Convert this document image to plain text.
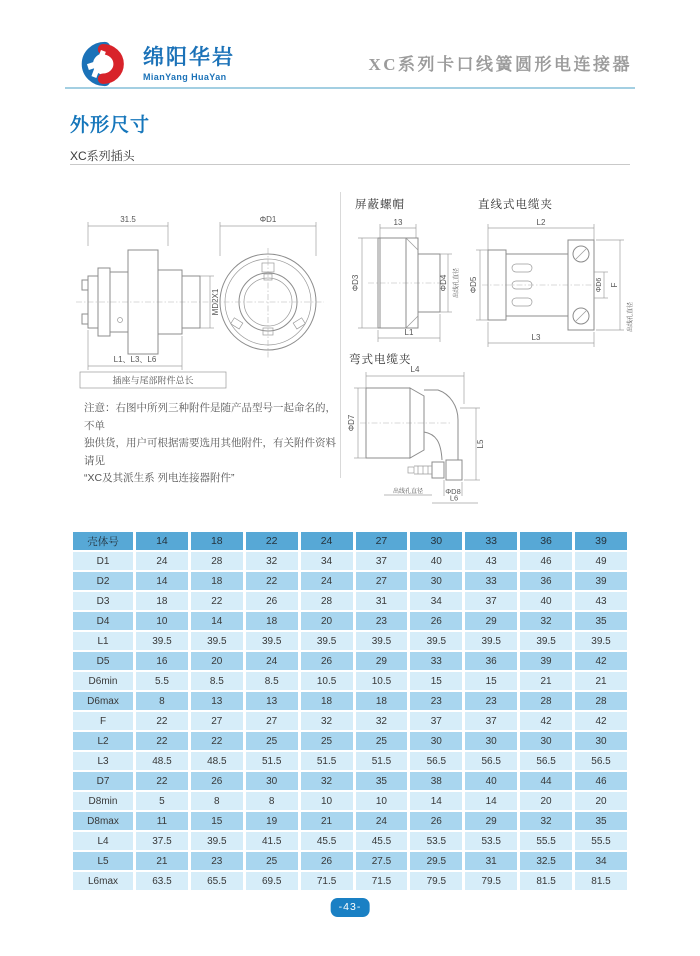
绵阳华岩
MianYang HuaYan
XC系列卡口线簧圆形电连接器
外形尺寸
XC系列插头
31.5
MD2X1
L1、L3、L6
插座与尾部附件总长
ΦD1
注意：右图中所列三种附件是随产品型号一起命名的，不单
独供货，用户可根据需要选用其他附件，有关附件资料请见
“XC及其派生系 列电连接器附件”
屏蔽螺帽
13
ΦD3	ΦD4	出线孔直径
L1
直线式电缆夹
L2
ΦD5	ΦD6 F
出线孔直径
L3
弯式电缆夹
L4
ΦD7
L5
ΦD8
出线孔直径
L6
壳体号	14	18	22	24	27	30	33	36	39
D1	24	28	32	34	37	40	43	46	49
D2	14	18	22	24	27	30	33	36	39
D3	18	22	26	28	31	34	37	40	43
D4	10	14	18	20	23	26	29	32	35
L1	39.5	39.5	39.5	39.5	39.5	39.5	39.5	39.5	39.5
D5	16	20	24	26	29	33	36	39	42
D6min	5.5	8.5	8.5	10.5	10.5	15	15	21	21
D6max	8	13	13	18	18	23	23	28	28
F	22	27	27	32	32	37	37	42	42
L2	22	22	25	25	25	30	30	30	30
L3	48.5	48.5	51.5	51.5	51.5	56.5	56.5	56.5	56.5
D7	22	26	30	32	35	38	40	44	46
D8min	5	8	8	10	10	14	14	20	20
D8max	11	15	19	21	24	26	29	32	35
L4	37.5	39.5	41.5	45.5	45.5	53.5	53.5	55.5	55.5
L5	21	23	25	26	27.5	29.5	31	32.5	34
L6max	63.5	65.5	69.5	71.5	71.5	79.5	79.5	81.5	81.5
-43-
